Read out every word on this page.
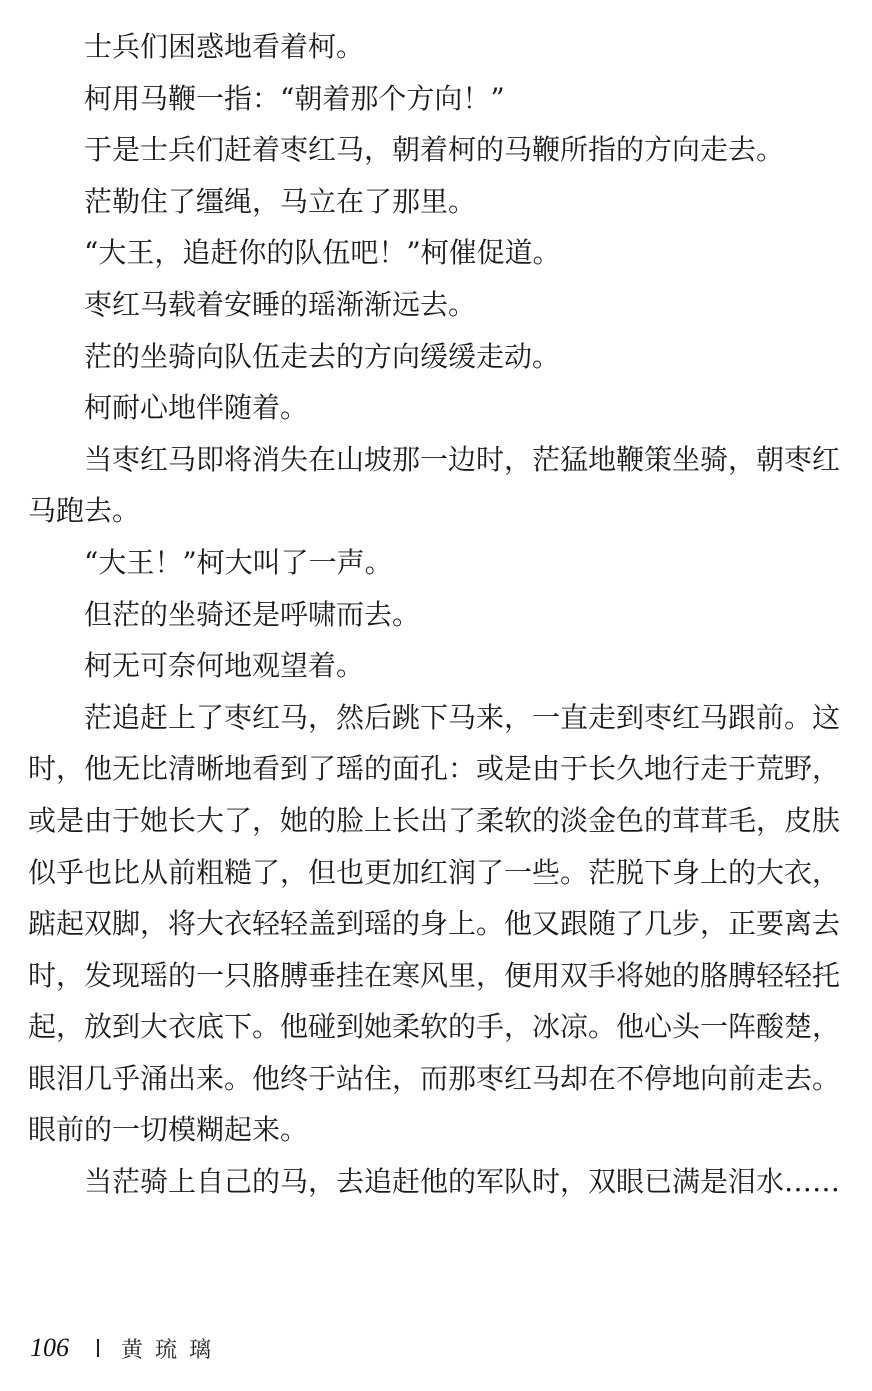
士兵们困惑地看着柯。

柯用马鞭一指：“朝着那个方向！”

于是士兵们赶着枣红马，朝着柯的马鞭所指的方向走去。

茫勒住了缰绳，马立在了那里。

“大王，追赶你的队伍吧！”柯催促道。

枣红马载着安睡的瑶渐渐远去。

茫的坐骑向队伍走去的方向缓缓走动。

柯耐心地伴随着。

当枣红马即将消失在山坡那一边时，茫猛地鞭策坐骑，朝枣红马跑去。

“大王！”柯大叫了一声。

但茫的坐骑还是呼啸而去。

柯无可奈何地观望着。

茫追赶上了枣红马，然后跳下马来，一直走到枣红马跟前。这时，他无比清晰地看到了瑶的面孔：或是由于长久地行走于荒野，或是由于她长大了，她的脸上长出了柔软的淡金色的茸茸毛，皮肤似乎也比从前粗糙了，但也更加红润了一些。茫脱下身上的大衣，踮起双脚，将大衣轻轻盖到瑶的身上。他又跟随了几步，正要离去时，发现瑶的一只胳膊垂挂在寒风里，便用双手将她的胳膊轻轻托起，放到大衣底下。他碰到她柔软的手，冰凉。他心头一阵酸楚，眼泪几乎涌出来。他终于站住，而那枣红马却在不停地向前走去。眼前的一切模糊起来。

当茫骑上自己的马，去追赶他的军队时，双眼已满是泪水……

106 黄琉璃
